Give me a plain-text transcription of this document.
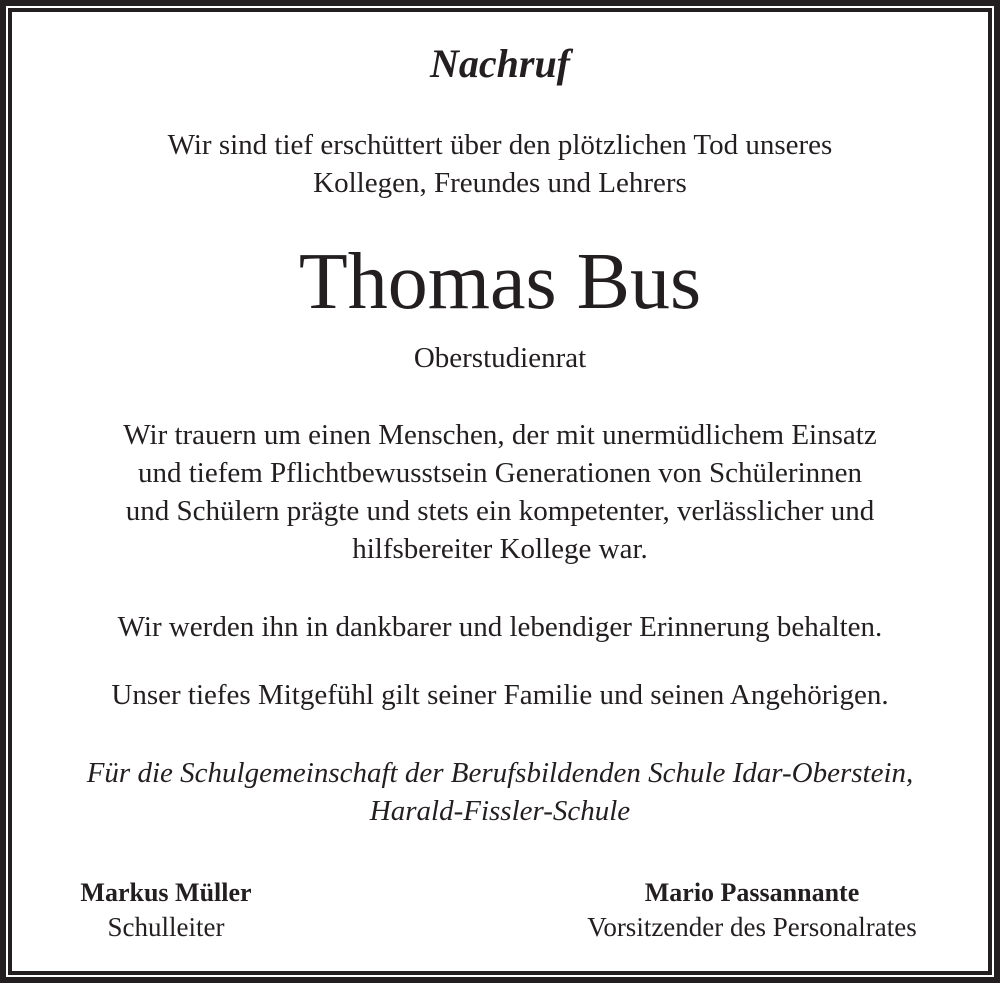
Nachruf
Wir sind tief erschüttert über den plötzlichen Tod unseres
Kollegen, Freundes und Lehrers
Thomas Bus
Oberstudienrat
Wir trauern um einen Menschen, der mit unermüdlichem Einsatz
und tiefem Pflichtbewusstsein Generationen von Schülerinnen
und Schülern prägte und stets ein kompetenter, verlässlicher und
hilfsbereiter Kollege war.
Wir werden ihn in dankbarer und lebendiger Erinnerung behalten.
Unser tiefes Mitgefühl gilt seiner Familie und seinen Angehörigen.
Für die Schulgemeinschaft der Berufsbildenden Schule Idar-Oberstein,
Harald-Fissler-Schule
Markus Müller
Schulleiter
Mario Passannante
Vorsitzender des Personalrates
